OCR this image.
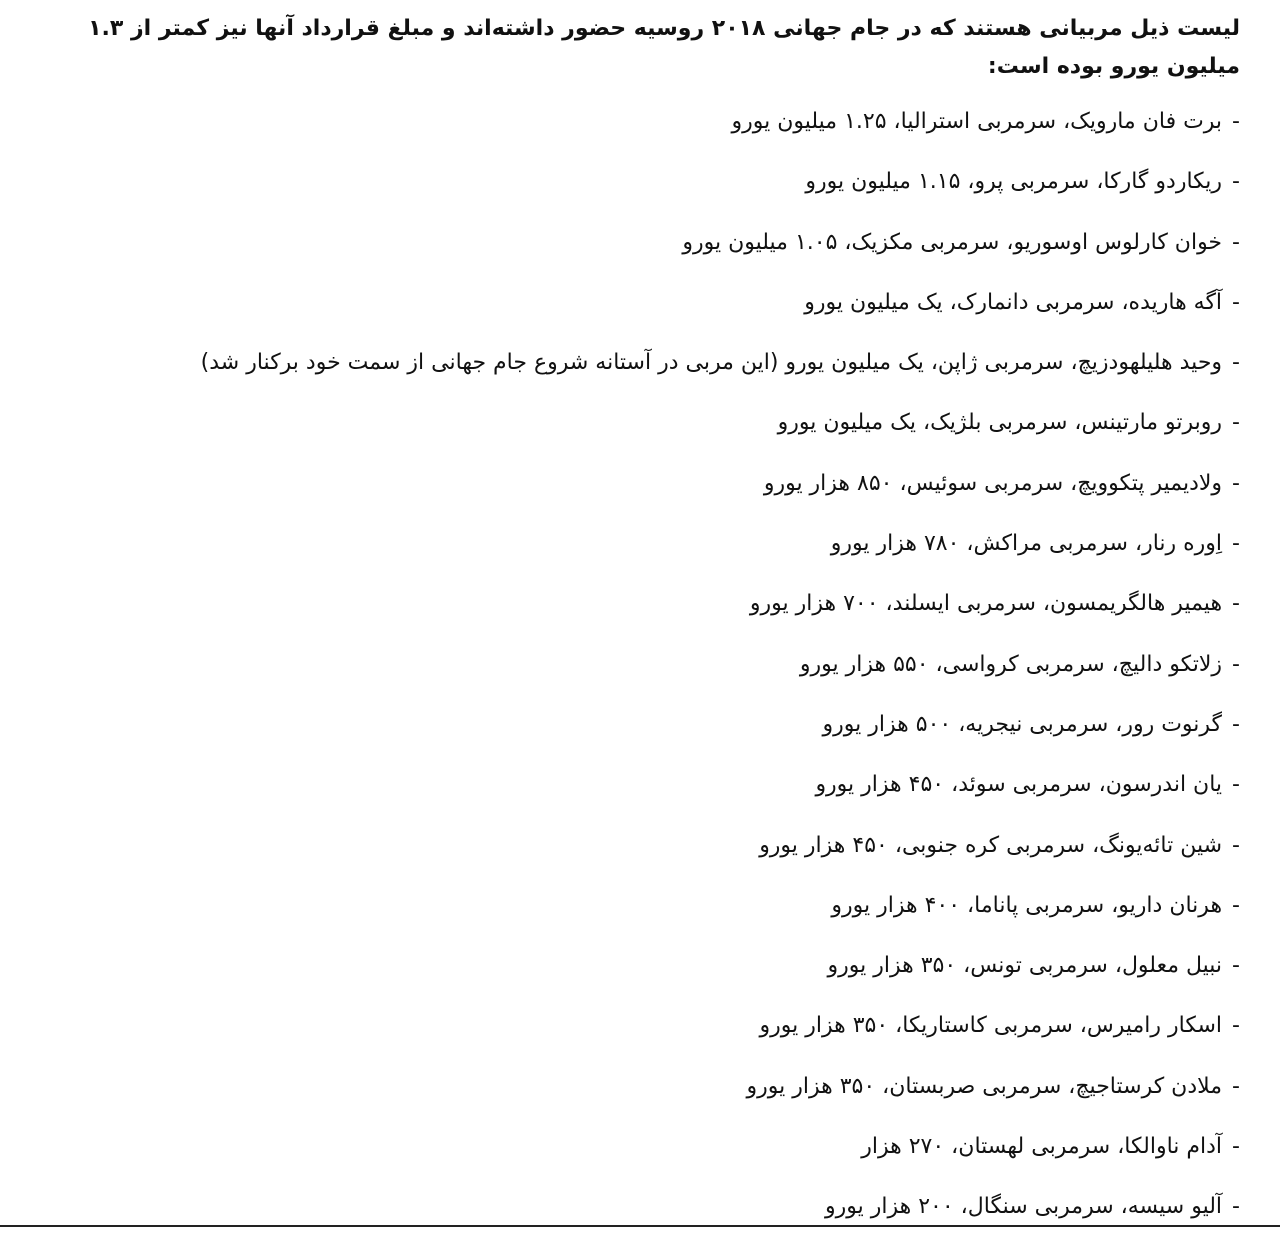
لیست ذیل مربیانی هستند که در جام جهانی ۲۰۱۸ روسیه حضور داشته‌اند و مبلغ قرارداد آنها نیز کمتر از ۱.۳ میلیون یورو بوده است:

-برت فان مارویک، سرمربی استرالیا، ۱.۲۵ میلیون یورو
-ریکاردو گارکا، سرمربی پرو، ۱.۱۵ میلیون یورو
-خوان کارلوس اوسوریو، سرمربی مکزیک، ۱.۰۵ میلیون یورو
-آگه هاریده، سرمربی دانمارک، یک میلیون یورو
-وحید هلیلهودزیچ، سرمربی ژاپن، یک میلیون یورو (این مربی در آستانه شروع جام جهانی از سمت خود برکنار شد)
-روبرتو مارتینس، سرمربی بلژیک، یک میلیون یورو
-ولادیمیر پتکوویچ، سرمربی سوئیس، ۸۵۰ هزار یورو
-اِوره رنار، سرمربی مراکش، ۷۸۰ هزار یورو
-هیمیر هالگریمسون، سرمربی ایسلند، ۷۰۰ هزار یورو
-زلاتکو دالیچ، سرمربی کرواسی، ۵۵۰ هزار یورو
-گرنوت رور، سرمربی نیجریه، ۵۰۰ هزار یورو
-یان اندرسون، سرمربی سوئد، ۴۵۰ هزار یورو
-شین تائه‌یونگ، سرمربی کره جنوبی، ۴۵۰ هزار یورو
-هرنان داریو، سرمربی پاناما، ۴۰۰ هزار یورو
-نبیل معلول، سرمربی تونس، ۳۵۰ هزار یورو
-اسکار رامیرس، سرمربی کاستاریکا، ۳۵۰ هزار یورو
-ملادن کرستاجیچ، سرمربی صربستان، ۳۵۰ هزار یورو
-آدام ناوالکا، سرمربی لهستان، ۲۷۰ هزار
-آلیو سیسه، سرمربی سنگال، ۲۰۰ هزار یورو
